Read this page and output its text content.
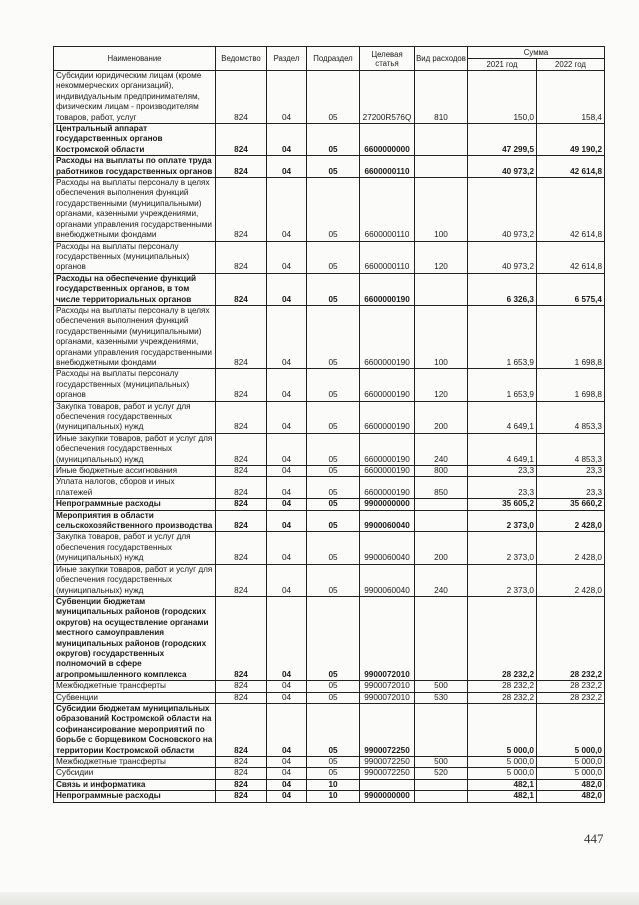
Наименование	Ведомство	Раздел	Подраздел	Целевая статья	Вид расходов	Сумма	
						2021 год	2022 год
Субсидии юридическим лицам (кроме некоммерческих организаций), индивидуальным предпринимателям, физическим лицам - производителям товаров, работ, услуг	824	04	05	27200R576Q	810	150,0	158,4
Центральный аппарат государственных органов Костромской области	824	04	05	6600000000		47 299,5	49 190,2
Расходы на выплаты по оплате труда работников государственных органов	824	04	05	6600000110		40 973,2	42 614,8
Расходы на выплаты персоналу в целях обеспечения выполнения функций государственными (муниципальными) органами, казенными учреждениями, органами управления государственными внебюджетными фондами	824	04	05	6600000110	100	40 973,2	42 614,8
Расходы на выплаты персоналу государственных (муниципальных) органов	824	04	05	6600000110	120	40 973,2	42 614,8
Расходы на обеспечение функций государственных органов, в том числе территориальных органов	824	04	05	6600000190		6 326,3	6 575,4
Расходы на выплаты персоналу в целях обеспечения выполнения функций государственными (муниципальными) органами, казенными учреждениями, органами управления государственными внебюджетными фондами	824	04	05	6600000190	100	1 653,9	1 698,8
Расходы на выплаты персоналу государственных (муниципальных) органов	824	04	05	6600000190	120	1 653,9	1 698,8
Закупка товаров, работ и услуг для обеспечения государственных (муниципальных) нужд	824	04	05	6600000190	200	4 649,1	4 853,3
Иные закупки товаров, работ и услуг для обеспечения государственных (муниципальных) нужд	824	04	05	6600000190	240	4 649,1	4 853,3
Иные бюджетные ассигнования	824	04	05	6600000190	800	23,3	23,3
Уплата налогов, сборов и иных платежей	824	04	05	6600000190	850	23,3	23,3
Непрограммные расходы	824	04	05	9900000000		35 605,2	35 660,2
Мероприятия в области сельскохозяйственного производства	824	04	05	9900060040		2 373,0	2 428,0
Закупка товаров, работ и услуг для обеспечения государственных (муниципальных) нужд	824	04	05	9900060040	200	2 373,0	2 428,0
Иные закупки товаров, работ и услуг для обеспечения государственных (муниципальных) нужд	824	04	05	9900060040	240	2 373,0	2 428,0
Субвенции бюджетам муниципальных районов (городских округов) на осуществление органами местного самоуправления муниципальных районов (городских округов) государственных полномочий в сфере агропромышленного комплекса	824	04	05	9900072010		28 232,2	28 232,2
Межбюджетные трансферты	824	04	05	9900072010	500	28 232,2	28 232,2
Субвенции	824	04	05	9900072010	530	28 232,2	28 232,2
Субсидии бюджетам муниципальных образований Костромской области на софинансирование мероприятий по борьбе с борщевиком Сосновского на территории Костромской области	824	04	05	9900072250		5 000,0	5 000,0
Межбюджетные трансферты	824	04	05	9900072250	500	5 000,0	5 000,0
Субсидии	824	04	05	9900072250	520	5 000,0	5 000,0
Связь и информатика	824	04	10			482,1	482,0
Непрограммные расходы	824	04	10	9900000000		482,1	482,0
447
